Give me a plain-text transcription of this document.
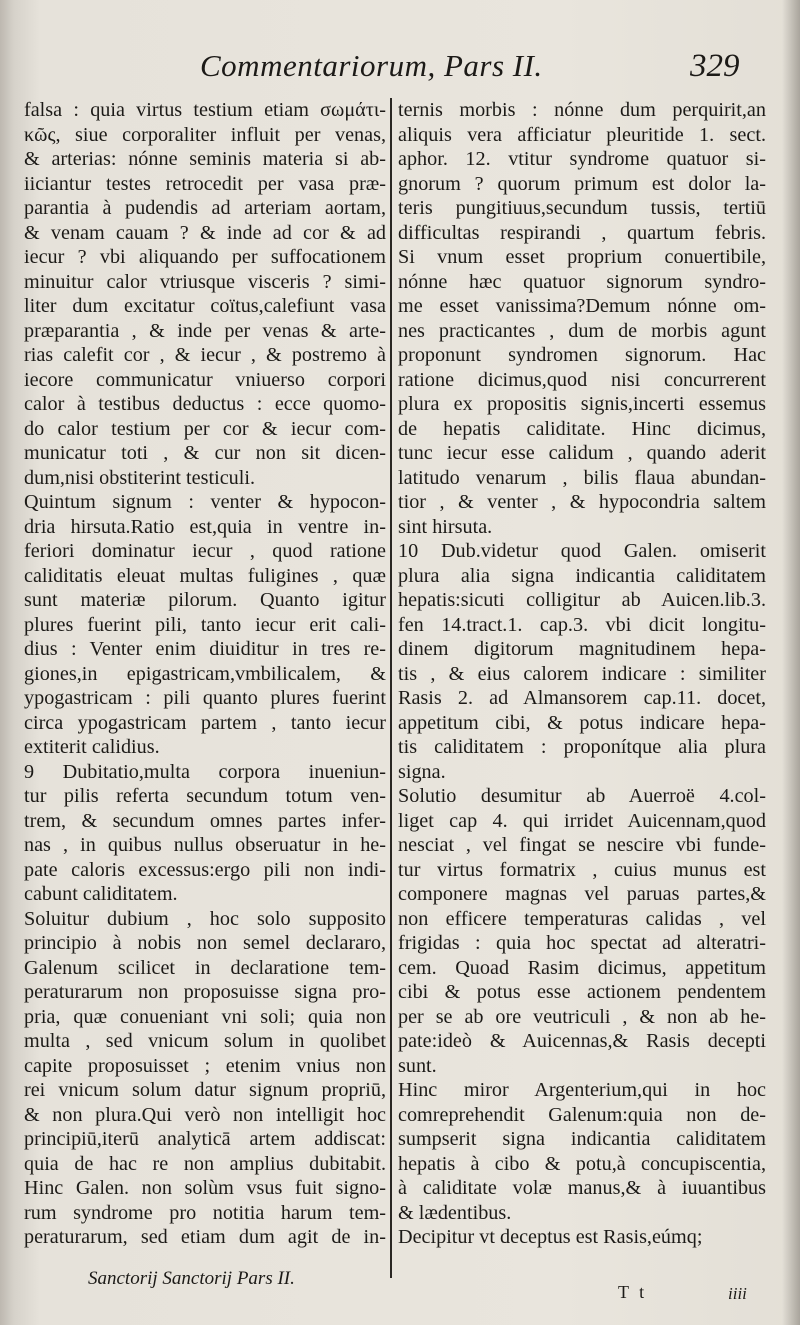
Commentariorum, Pars II.	329
falsa : quia virtus testium etiam σωμάτι-
κῶς, siue corporaliter influit per venas,
& arterias: nónne seminis materia si ab-
iiciantur testes retrocedit per vasa præ-
parantia à pudendis ad arteriam aortam,
& venam cauam ? & inde ad cor & ad
iecur ? vbi aliquando per suffocationem
minuitur calor vtriusque visceris ? simi-
liter dum excitatur coïtus,calefiunt vasa
præparantia , & inde per venas & arte-
rias calefit cor , & iecur , & postremo à
iecore communicatur vniuerso corpori
calor à testibus deductus : ecce quomo-
do calor testium per cor & iecur com-
municatur toti , & cur non sit dicen-
dum,nisi obstiterint testiculi.
Quintum signum : venter & hypocon-
dria hirsuta.Ratio est,quia in ventre in-
feriori dominatur iecur , quod ratione
caliditatis eleuat multas fuligines , quæ
sunt materiæ pilorum. Quanto igitur
plures fuerint pili, tanto iecur erit cali-
dius : Venter enim diuiditur in tres re-
giones,in epigastricam,vmbilicalem, &
ypogastricam : pili quanto plures fuerint
circa ypogastricam partem , tanto iecur
extiterit calidius.
9 Dubitatio,multa corpora inueniun-
tur pilis referta secundum totum ven-
trem, & secundum omnes partes infer-
nas , in quibus nullus obseruatur in he-
pate caloris excessus:ergo pili non indi-
cabunt caliditatem.
Soluitur dubium , hoc solo supposito
principio à nobis non semel declararo,
Galenum scilicet in declaratione tem-
peraturarum non proposuisse signa pro-
pria, quæ conueniant vni soli; quia non
multa , sed vnicum solum in quolibet
capite proposuisset ; etenim vnius non
rei vnicum solum datur signum propriū,
& non plura.Qui verò non intelligit hoc
principiū,iterū analyticā artem addiscat:
quia de hac re non amplius dubitabit.
Hinc Galen. non solùm vsus fuit signo-
rum syndrome pro notitia harum tem-
peraturarum, sed etiam dum agit de in-
ternis morbis : nónne dum perquirit,an
aliquis vera afficiatur pleuritide 1. sect.
aphor. 12. vtitur syndrome quatuor si-
gnorum ? quorum primum est dolor la-
teris pungitiuus,secundum tussis, tertiū
difficultas respirandi , quartum febris.
Si vnum esset proprium conuertibile,
nónne hæc quatuor signorum syndro-
me esset vanissima?Demum nónne om-
nes practicantes , dum de morbis agunt
proponunt syndromen signorum. Hac
ratione dicimus,quod nisi concurrerent
plura ex propositis signis,incerti essemus
de hepatis caliditate. Hinc dicimus,
tunc iecur esse calidum , quando aderit
latitudo venarum , bilis flaua abundan-
tior , & venter , & hypocondria saltem
sint hirsuta.
10 Dub.videtur quod Galen. omiserit
plura alia signa indicantia caliditatem
hepatis:sicuti colligitur ab Auicen.lib.3.
fen 14.tract.1. cap.3. vbi dicit longitu-
dinem digitorum magnitudinem hepa-
tis , & eius calorem indicare : similiter
Rasis 2. ad Almansorem cap.11. docet,
appetitum cibi, & potus indicare hepa-
tis caliditatem : proponítque alia plura
signa.
Solutio desumitur ab Auerroë 4.col-
liget cap 4. qui irridet Auicennam,quod
nesciat , vel fingat se nescire vbi funde-
tur virtus formatrix , cuius munus est
componere magnas vel paruas partes,&
non efficere temperaturas calidas , vel
frigidas : quia hoc spectat ad alteratri-
cem. Quoad Rasim dicimus, appetitum
cibi & potus esse actionem pendentem
per se ab ore veutriculi , & non ab he-
pate:ideò & Auicennas,& Rasis decepti
sunt.
Hinc miror Argenterium,qui in hoc
comreprehendit Galenum:quia non de-
sumpserit signa indicantia caliditatem
hepatis à cibo & potu,à concupiscentia,
à caliditate volæ manus,& à iuuantibus
& lædentibus.
Decipitur vt deceptus est Rasis,eúmq;
Sanctorij Sanctorij Pars II.
T t	iiii
